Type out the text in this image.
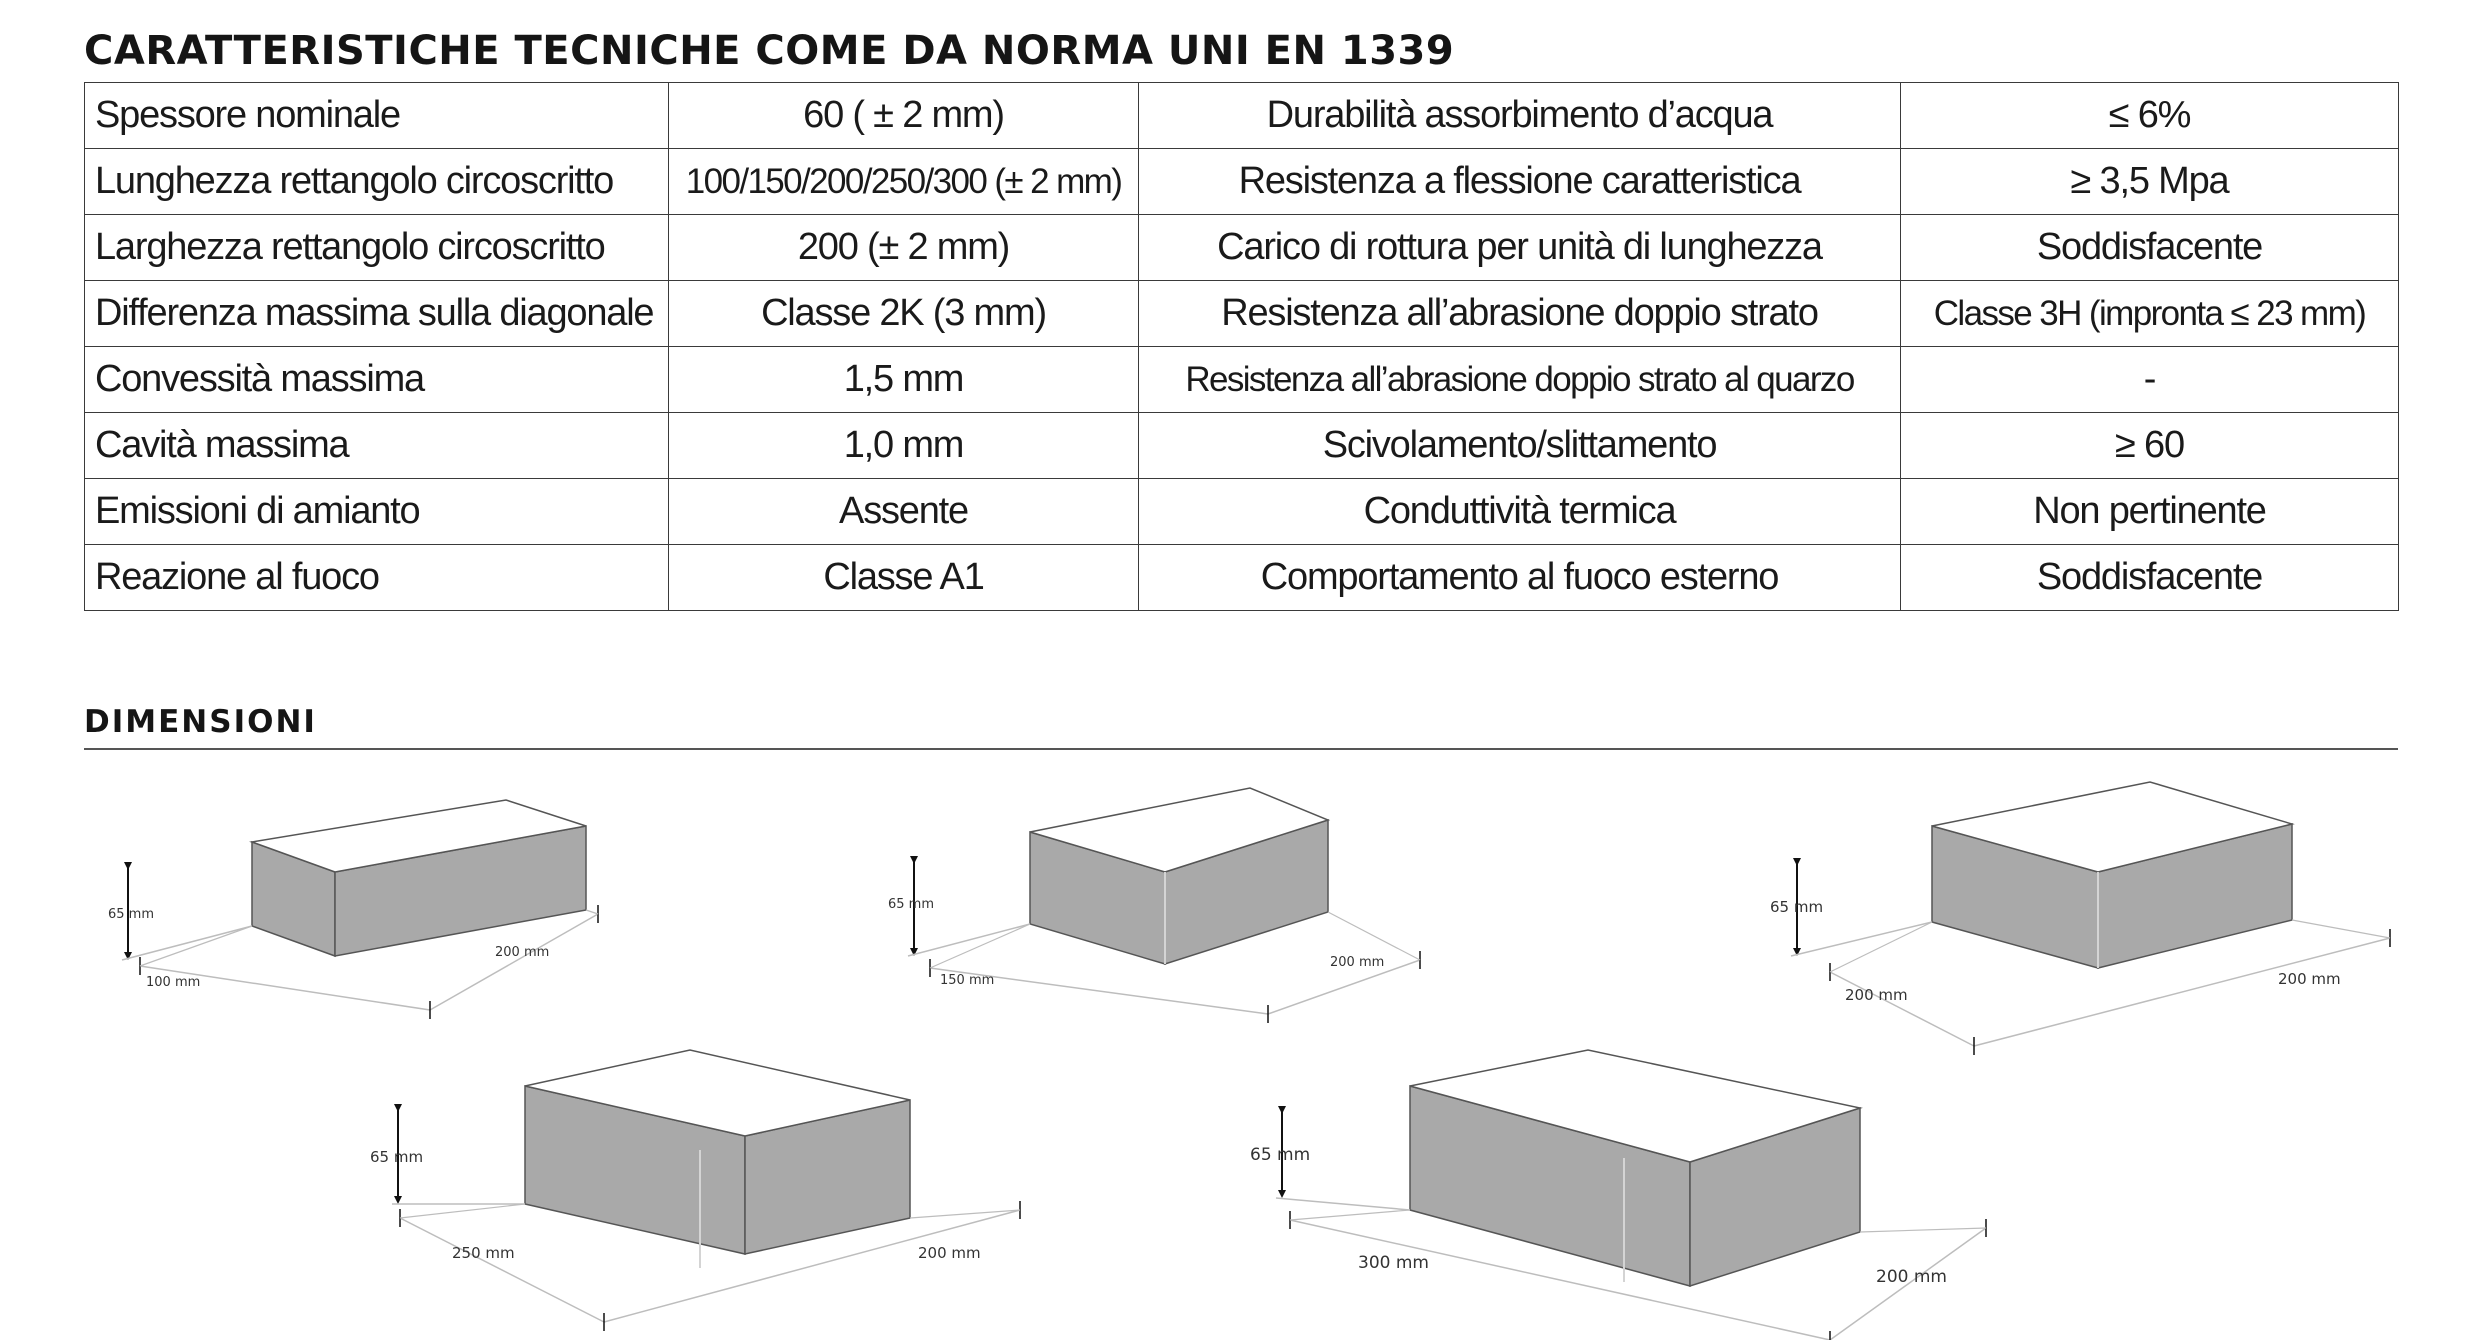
CARATTERISTICHE TECNICHE COME DA NORMA UNI EN 1339
Spessore nominale	60 ( ± 2 mm)	Durabilità assorbimento d’acqua	≤ 6%
Lunghezza rettangolo circoscritto	100/150/200/250/300 (± 2 mm)	Resistenza a flessione caratteristica	≥ 3,5 Mpa
Larghezza rettangolo circoscritto	200 (± 2 mm)	Carico di rottura per unità di lunghezza	Soddisfacente
Differenza massima sulla diagonale	Classe 2K (3 mm)	Resistenza all’abrasione doppio strato	Classe 3H (impronta ≤ 23 mm)
Convessità massima	1,5 mm	Resistenza all’abrasione doppio strato al quarzo	-
Cavità massima	1,0 mm	Scivolamento/slittamento	≥ 60
Emissioni di amianto	Assente	Conduttività termica	Non pertinente
Reazione al fuoco	Classe A1	Comportamento al fuoco esterno	Soddisfacente
DIMENSIONI
65 mm
100 mm
200 mm
65 mm
150 mm
200 mm
65 mm
200 mm
200 mm
65 mm
250 mm	200 mm
65 mm
300 mm
200 mm
